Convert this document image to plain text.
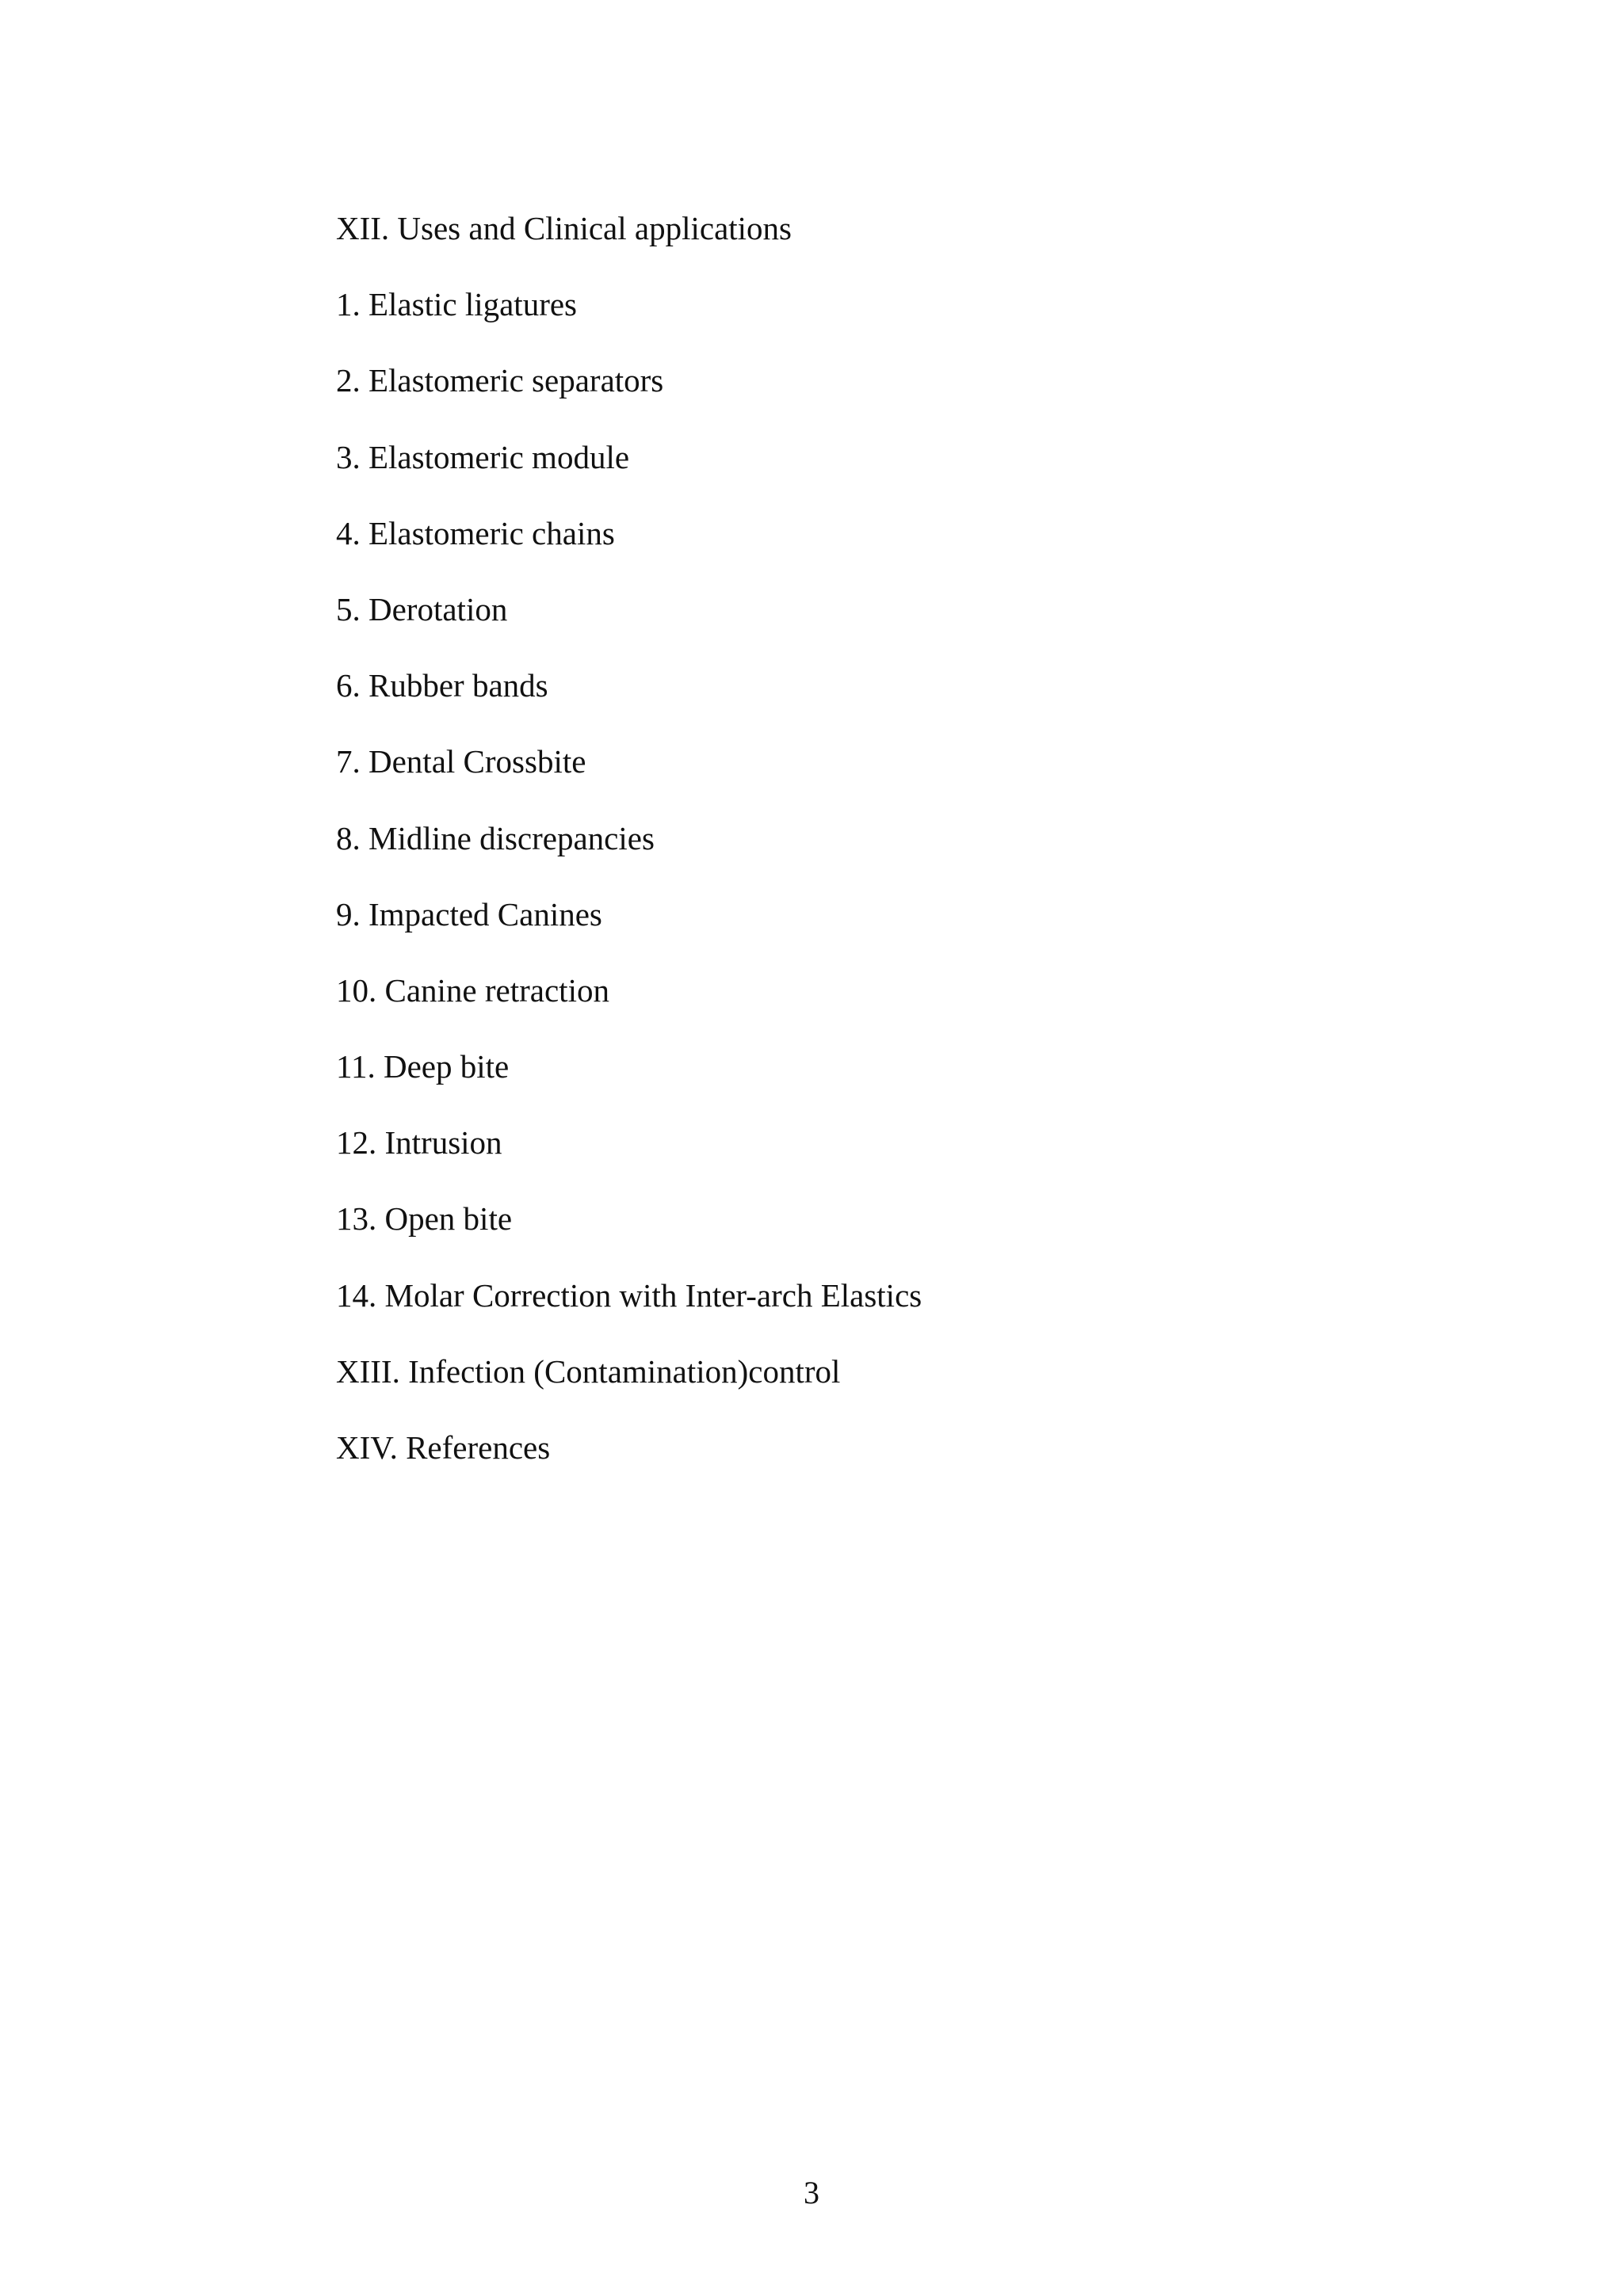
XII. Uses and Clinical applications
1. Elastic ligatures
2. Elastomeric separators
3. Elastomeric module
4. Elastomeric chains
5. Derotation
6. Rubber bands
7. Dental Crossbite
8. Midline discrepancies
9. Impacted Canines
10. Canine retraction
11. Deep bite
12. Intrusion
13. Open bite
14. Molar Correction with Inter-arch Elastics
XIII. Infection (Contamination)control
XIV. References
3
